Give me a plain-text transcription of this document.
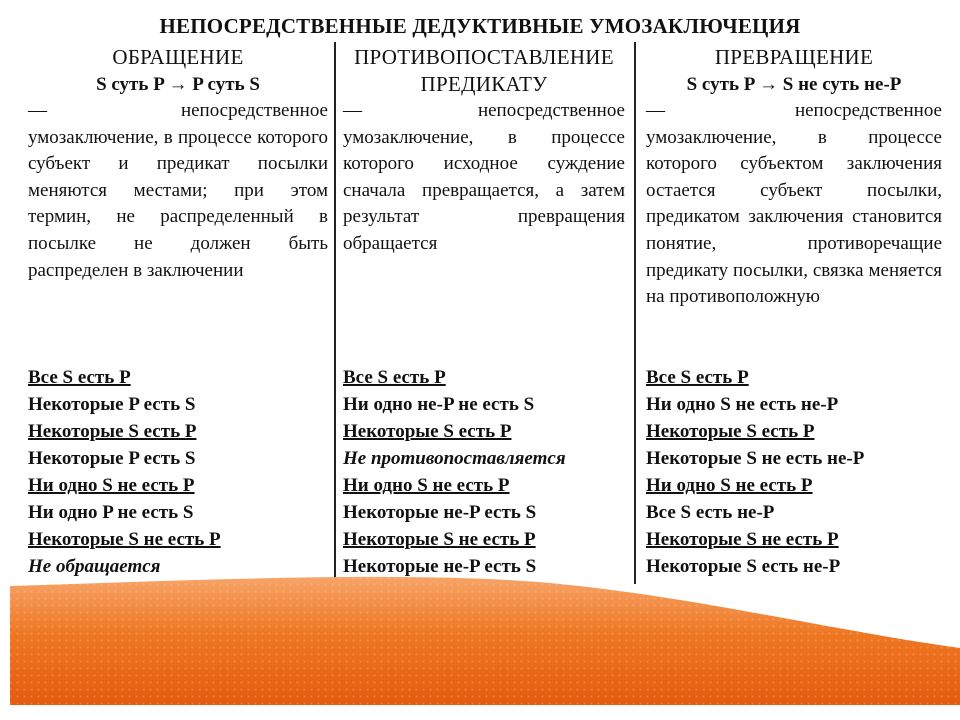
НЕПОСРЕДСТВЕННЫЕ ДЕДУКТИВНЫЕ УМОЗАКЛЮЧЕЦИЯ
ОБРАЩЕНИЕ
S суть P → P суть S
— непосредственное умозаключение, в процессе которого субъект и предикат посылки меняются местами; при этом термин, не распределенный в посылке не должен быть распределен в заключении
Все S есть P
Некоторые P есть S
Некоторые S есть P
Некоторые P есть S
Ни одно S не есть P
Ни одно P не есть S
Некоторые S не есть P
Не обращается
ПРОТИВОПОСТАВЛЕНИЕ
ПРЕДИКАТУ
— непосредственное умозаключение, в процессе которого исходное суждение сначала превращается, а затем результат превращения обращается
Все S есть P
Ни одно не-P не есть S
Некоторые S есть P
Не противопоставляется
Ни одно S не есть P
Некоторые не-P есть S
Некоторые S не есть P
Некоторые не-P есть S
ПРЕВРАЩЕНИЕ
S суть P → S не суть не-P
— непосредственное умозаключение, в процессе которого субъектом заключения остается субъект посылки, предикатом заключения становится понятие, противоречащие предикату посылки, связка меняется на противоположную
Все S есть P
Ни одно S не есть не-P
Некоторые S есть P
Некоторые S не есть не-P
Ни одно S не есть P
Все S есть не-P
Некоторые S не есть P
Некоторые S есть не-P
